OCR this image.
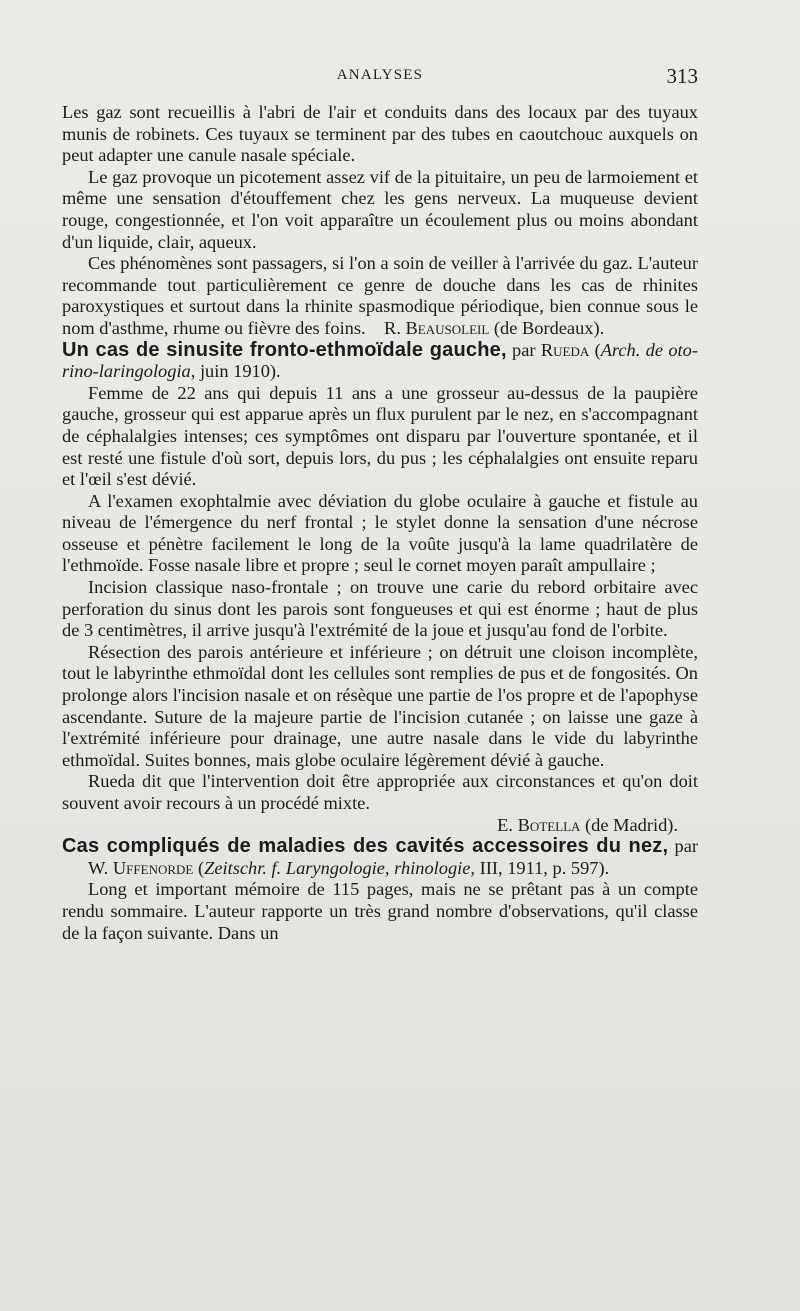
ANALYSES	313

Les gaz sont recueillis à l'abri de l'air et conduits dans des locaux par des tuyaux munis de robinets. Ces tuyaux se terminent par des tubes en caoutchouc auxquels on peut adapter une canule nasale spéciale.

Le gaz provoque un picotement assez vif de la pituitaire, un peu de larmoiement et même une sensation d'étouffement chez les gens nerveux. La muqueuse devient rouge, congestionnée, et l'on voit apparaître un écoulement plus ou moins abondant d'un liquide, clair, aqueux.

Ces phénomènes sont passagers, si l'on a soin de veiller à l'arrivée du gaz. L'auteur recommande tout particulièrement ce genre de douche dans les cas de rhinites paroxystiques et surtout dans la rhinite spasmodique périodique, bien connue sous le nom d'asthme, rhume ou fièvre des foins. R. Beausoleil (de Bordeaux).

Un cas de sinusite fronto-ethmoïdale gauche, par Rueda (Arch. de oto-rino-laringologia, juin 1910).

Femme de 22 ans qui depuis 11 ans a une grosseur au-dessus de la paupière gauche, grosseur qui est apparue après un flux purulent par le nez, en s'accompagnant de céphalalgies intenses; ces symptômes ont disparu par l'ouverture spontanée, et il est resté une fistule d'où sort, depuis lors, du pus ; les céphalalgies ont ensuite reparu et l'œil s'est dévié.

A l'examen exophtalmie avec déviation du globe oculaire à gauche et fistule au niveau de l'émergence du nerf frontal ; le stylet donne la sensation d'une nécrose osseuse et pénètre facilement le long de la voûte jusqu'à la lame quadrilatère de l'ethmoïde. Fosse nasale libre et propre ; seul le cornet moyen paraît ampullaire ;

Incision classique naso-frontale ; on trouve une carie du rebord orbitaire avec perforation du sinus dont les parois sont fongueuses et qui est énorme ; haut de plus de 3 centimètres, il arrive jusqu'à l'extrémité de la joue et jusqu'au fond de l'orbite.

Résection des parois antérieure et inférieure ; on détruit une cloison incomplète, tout le labyrinthe ethmoïdal dont les cellules sont remplies de pus et de fongosités. On prolonge alors l'incision nasale et on résèque une partie de l'os propre et de l'apophyse ascendante. Suture de la majeure partie de l'incision cutanée ; on laisse une gaze à l'extrémité inférieure pour drainage, une autre nasale dans le vide du labyrinthe ethmoïdal. Suites bonnes, mais globe oculaire légèrement dévié à gauche.

Rueda dit que l'intervention doit être appropriée aux circonstances et qu'on doit souvent avoir recours à un procédé mixte.

E. Botella (de Madrid).

Cas compliqués de maladies des cavités accessoires du nez, par W. Uffenorde (Zeitschr. f. Laryngologie, rhinologie, III, 1911, p. 597).

Long et important mémoire de 115 pages, mais ne se prêtant pas à un compte rendu sommaire. L'auteur rapporte un très grand nombre d'observations, qu'il classe de la façon suivante. Dans un
